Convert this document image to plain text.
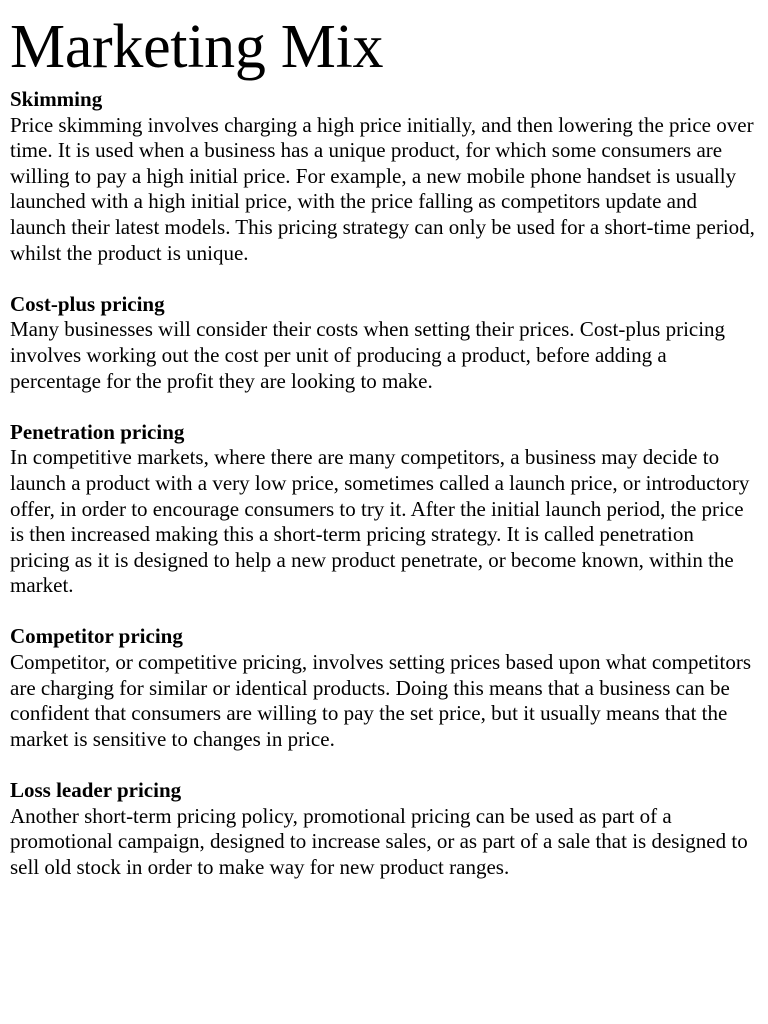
Marketing Mix

Skimming

Price skimming involves charging a high price initially, and then lowering the price over time. It is used when a business has a unique product, for which some consumers are willing to pay a high initial price. For example, a new mobile phone handset is usually launched with a high initial price, with the price falling as competitors update and launch their latest models. This pricing strategy can only be used for a short-time period, whilst the product is unique.

Cost-plus pricing

Many businesses will consider their costs when setting their prices. Cost-plus pricing involves working out the cost per unit of producing a product, before adding a percentage for the profit they are looking to make.

Penetration pricing

In competitive markets, where there are many competitors, a business may decide to launch a product with a very low price, sometimes called a launch price, or introductory offer, in order to encourage consumers to try it. After the initial launch period, the price is then increased making this a short-term pricing strategy. It is called penetration pricing as it is designed to help a new product penetrate, or become known, within the market.

Competitor pricing

Competitor, or competitive pricing, involves setting prices based upon what competitors are charging for similar or identical products. Doing this means that a business can be confident that consumers are willing to pay the set price, but it usually means that the market is sensitive to changes in price.

Loss leader pricing

Another short-term pricing policy, promotional pricing can be used as part of a promotional campaign, designed to increase sales, or as part of a sale that is designed to sell old stock in order to make way for new product ranges.
